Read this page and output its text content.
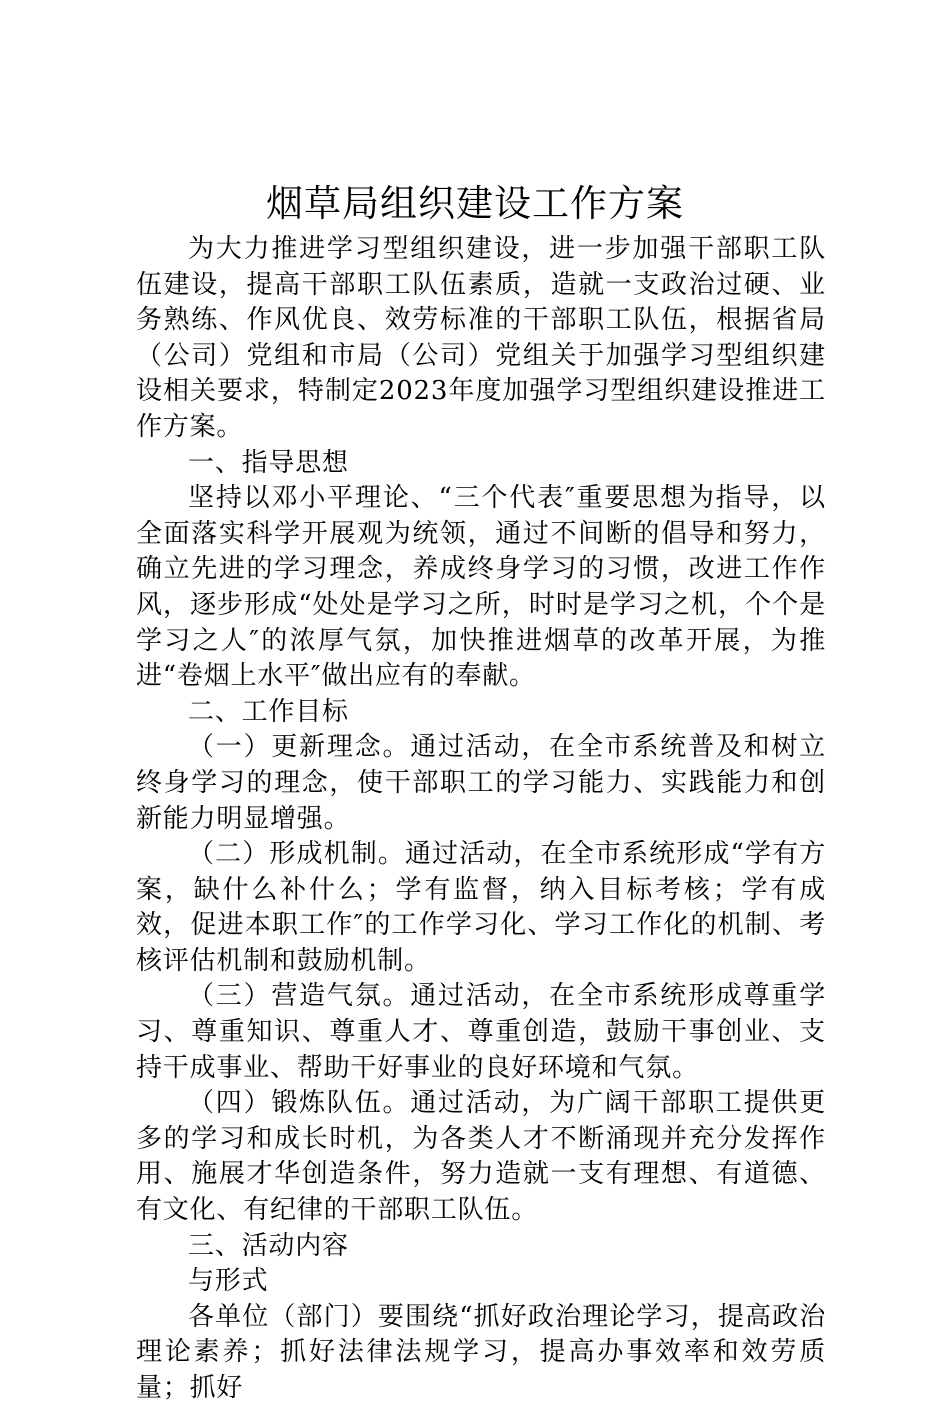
烟草局组织建设工作方案

为大力推进学习型组织建设，进一步加强干部职工队伍建设，提高干部职工队伍素质，造就一支政治过硬、业务熟练、作风优良、效劳标准的干部职工队伍，根据省局（公司）党组和市局（公司）党组关于加强学习型组织建设相关要求，特制定2023年度加强学习型组织建设推进工作方案。

一、指导思想

坚持以邓小平理论、“三个代表″重要思想为指导，以全面落实科学开展观为统领，通过不间断的倡导和努力，确立先进的学习理念，养成终身学习的习惯，改进工作作风，逐步形成“处处是学习之所，时时是学习之机，个个是学习之人″的浓厚气氛，加快推进烟草的改革开展，为推进“卷烟上水平″做出应有的奉献。

二、工作目标

（一）更新理念。通过活动，在全市系统普及和树立终身学习的理念，使干部职工的学习能力、实践能力和创新能力明显增强。

（二）形成机制。通过活动，在全市系统形成“学有方案，缺什么补什么；学有监督，纳入目标考核；学有成效，促进本职工作″的工作学习化、学习工作化的机制、考核评估机制和鼓励机制。

（三）营造气氛。通过活动，在全市系统形成尊重学习、尊重知识、尊重人才、尊重创造，鼓励干事创业、支持干成事业、帮助干好事业的良好环境和气氛。

（四）锻炼队伍。通过活动，为广阔干部职工提供更多的学习和成长时机，为各类人才不断涌现并充分发挥作用、施展才华创造条件，努力造就一支有理想、有道德、有文化、有纪律的干部职工队伍。

三、活动内容

与形式

各单位（部门）要围绕“抓好政治理论学习，提高政治理论素养；抓好法律法规学习，提高办事效率和效劳质量；抓好
